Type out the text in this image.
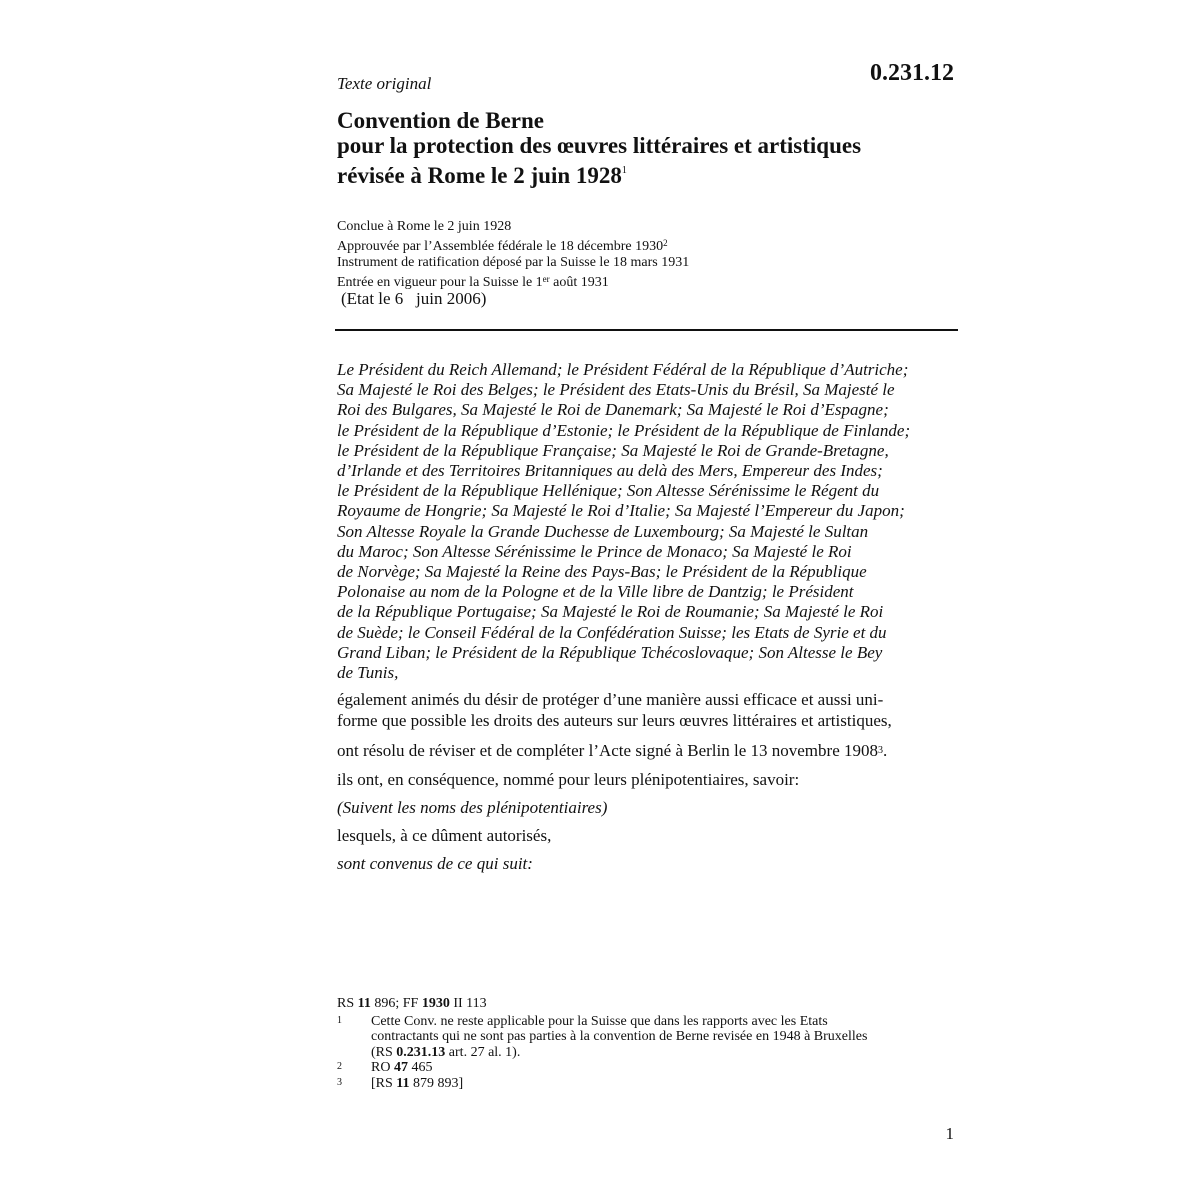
Texte original	0.231.12
Convention de Berne
pour la protection des œuvres littéraires et artistiques
révisée à Rome le 2 juin 1928$^1$
Conclue à Rome le 2 juin 1928
Approuvée par l’Assemblée fédérale le 18 décembre 1930$^2$
Instrument de ratification déposé par la Suisse le 18 mars 1931
Entrée en vigueur pour la Suisse le 1er août 1931
(Etat le 6   juin 2006)
Le Président du Reich Allemand; le Président Fédéral de la République d’Autriche;
Sa Majesté le Roi des Belges; le Président des Etats-Unis du Brésil, Sa Majesté le
Roi des Bulgares, Sa Majesté le Roi de Danemark; Sa Majesté le Roi d’Espagne;
le Président de la République d’Estonie; le Président de la République de Finlande;
le Président de la République Française; Sa Majesté le Roi de Grande-Bretagne,
d’Irlande et des Territoires Britanniques au delà des Mers, Empereur des Indes;
le Président de la République Hellénique; Son Altesse Sérénissime le Régent du
Royaume de Hongrie; Sa Majesté le Roi d’Italie; Sa Majesté l’Empereur du Japon;
Son Altesse Royale la Grande Duchesse de Luxembourg; Sa Majesté le Sultan
du Maroc; Son Altesse Sérénissime le Prince de Monaco; Sa Majesté le Roi
de Norvège; Sa Majesté la Reine des Pays-Bas; le Président de la République
Polonaise au nom de la Pologne et de la Ville libre de Dantzig; le Président
de la République Portugaise; Sa Majesté le Roi de Roumanie; Sa Majesté le Roi
de Suède; le Conseil Fédéral de la Confédération Suisse; les Etats de Syrie et du
Grand Liban; le Président de la République Tchécoslovaque; Son Altesse le Bey
de Tunis,
également animés du désir de protéger d’une manière aussi efficace et aussi uni-
forme que possible les droits des auteurs sur leurs œuvres littéraires et artistiques,
ont résolu de réviser et de compléter l’Acte signé à Berlin le 13 novembre 1908$^3$.
ils ont, en conséquence, nommé pour leurs plénipotentiaires, savoir:
(Suivent les noms des plénipotentiaires)
lesquels, à ce dûment autorisés,
sont convenus de ce qui suit:
RS 11 896; FF 1930 II 113
1	Cette Conv. ne reste applicable pour la Suisse que dans les rapports avec les Etats
contractants qui ne sont pas parties à la convention de Berne revisée en 1948 à Bruxelles
(RS 0.231.13 art. 27 al. 1).
2	RO 47 465
3	[RS 11 879 893]
1
